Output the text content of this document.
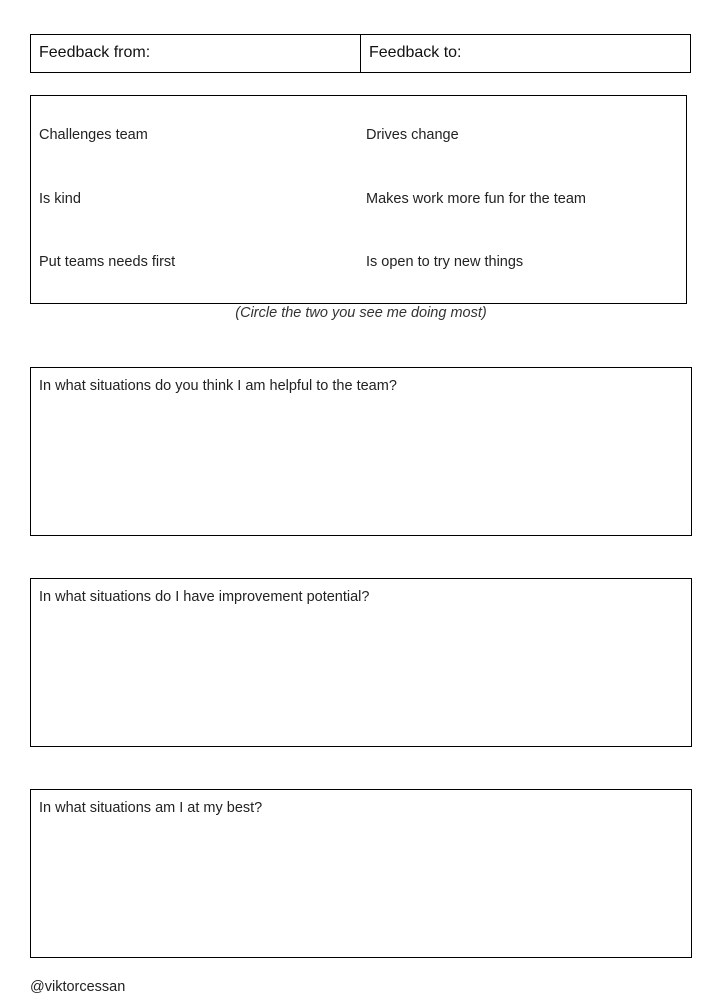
Feedback from:	Feedback to:
Challenges team
Is kind
Put teams needs first
Drives change
Makes work more fun for the team
Is open to try new things
(Circle the two you see me doing most)
In what situations do you think I am helpful to the team?
In what situations do I have improvement potential?
In what situations am I at my best?
@viktorcessan
